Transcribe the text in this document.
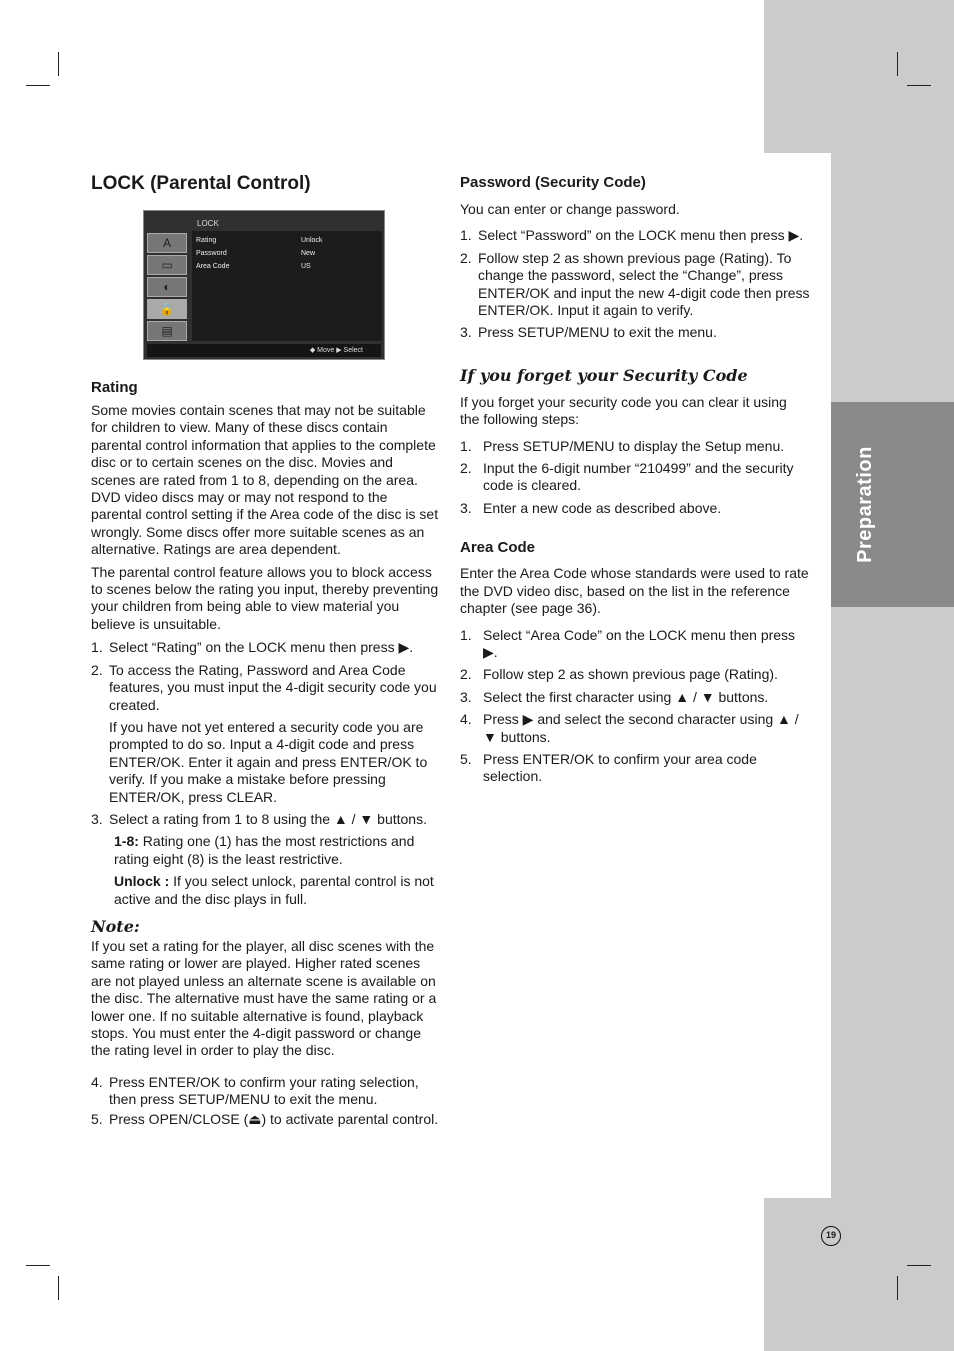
Preparation
19
LOCK (Parental Control)
LOCK
A
▭
◐
🔒
▤
Rating
Password
Area Code
Unlock
New
US
◆ Move ▶ Select
Rating

Some movies contain scenes that may not be suitable for children to view. Many of these discs contain parental control information that applies to the complete disc or to certain scenes on the disc. Movies and scenes are rated from 1 to 8, depending on the area. DVD video discs may or may not respond to the parental control setting if the Area code of the disc is set wrongly. Some discs offer more suitable scenes as an alternative. Ratings are area dependent.

The parental control feature allows you to block access to scenes below the rating you input, thereby preventing your children from being able to view material you believe is unsuitable.

1. Select “Rating” on the LOCK menu then press ▶.
2. To access the Rating, Password and Area Code features, you must input the 4-digit security code you created.

If you have not yet entered a security code you are prompted to do so. Input a 4-digit code and press ENTER/OK. Enter it again and press ENTER/OK to verify. If you make a mistake before pressing ENTER/OK, press CLEAR.

3. Select a rating from 1 to 8 using the ▲ / ▼ buttons.

1-8: Rating one (1) has the most restrictions and rating eight (8) is the least restrictive.

Unlock : If you select unlock, parental control is not active and the disc plays in full.

Note:

If you set a rating for the player, all disc scenes with the same rating or lower are played. Higher rated scenes are not played unless an alternate scene is available on the disc. The alternative must have the same rating or a lower one. If no suitable alternative is found, playback stops. You must enter the 4-digit password or change the rating level in order to play the disc.

4. Press ENTER/OK to confirm your rating selection, then press SETUP/MENU to exit the menu.
5. Press OPEN/CLOSE (⏏) to activate parental control.
Password (Security Code)

You can enter or change password.

1. Select “Password” on the LOCK menu then press ▶.
2. Follow step 2 as shown previous page (Rating). To change the password, select the “Change”, press ENTER/OK and input the new 4-digit code then press ENTER/OK. Input it again to verify.
3. Press SETUP/MENU to exit the menu.
If you forget your Security Code

If you forget your security code you can clear it using the following steps:

1. Press SETUP/MENU to display the Setup menu.
2. Input the 6-digit number “210499” and the security code is cleared.
3. Enter a new code as described above.
Area Code

Enter the Area Code whose standards were used to rate the DVD video disc, based on the list in the reference chapter (see page 36).

1. Select “Area Code” on the LOCK menu then press ▶.
2. Follow step 2 as shown previous page (Rating).
3. Select the first character using ▲ / ▼ buttons.
4. Press ▶ and select the second character using ▲ / ▼ buttons.
5. Press ENTER/OK to confirm your area code selection.
